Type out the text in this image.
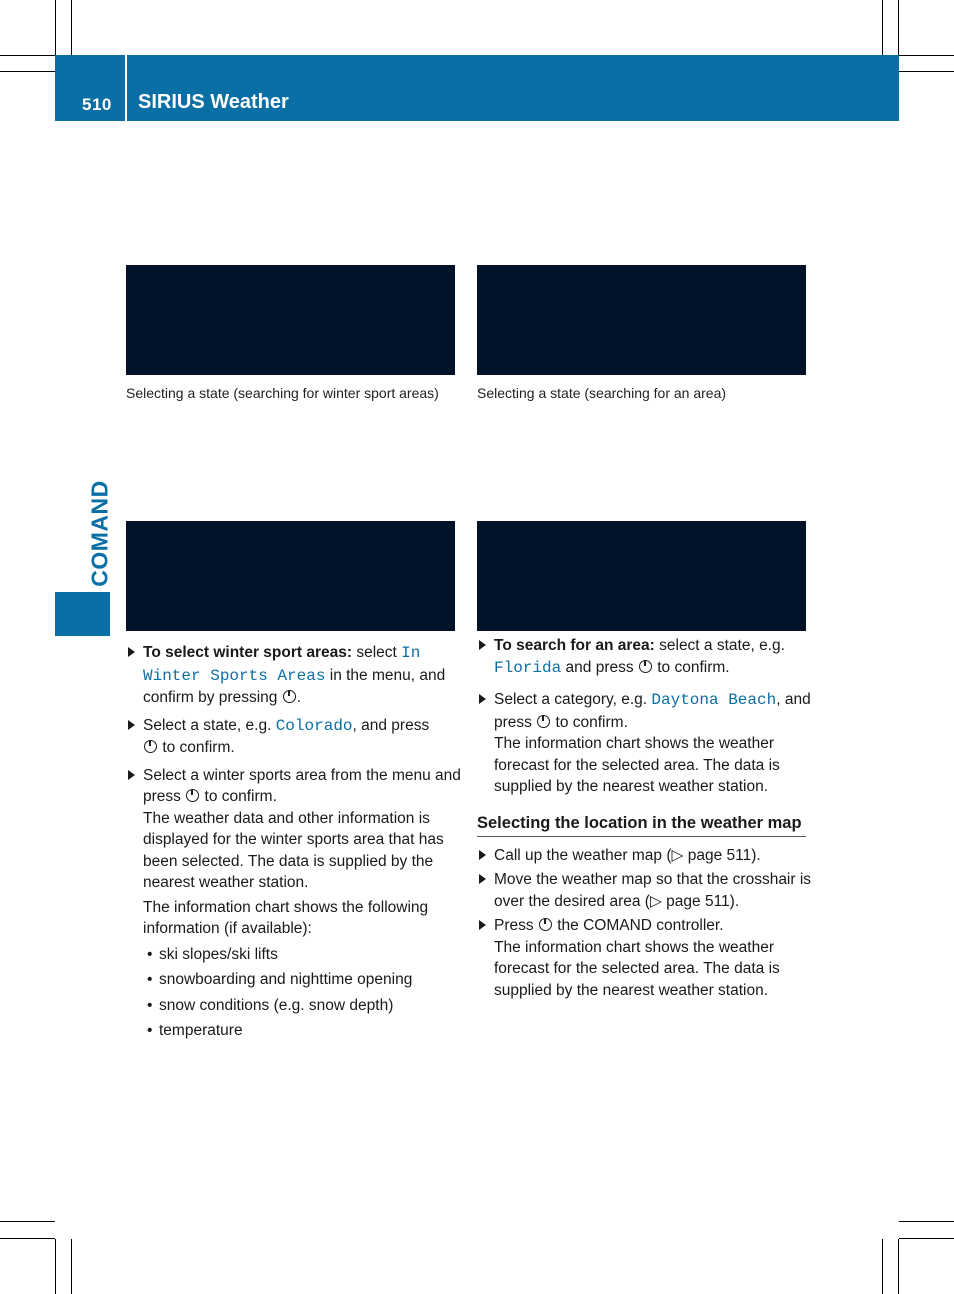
510 SIRIUS Weather
COMAND
Selecting a state (searching for winter sport areas)	Selecting a state (searching for an area)
To select winter sport areas: select In Winter Sports Areas in the menu, and confirm by pressing .
Select a state, e.g. Colorado, and press
to confirm.
Select a winter sports area from the menu and press to confirm.
The weather data and other information is displayed for the winter sports area that has been selected. The data is supplied by the nearest weather station.
The information chart shows the following information (if available):
• ski slopes/ski lifts
• snowboarding and nighttime opening
• snow conditions (e.g. snow depth)
• temperature
To search for an area: select a state, e.g. Florida and press to confirm.
Select a category, e.g. Daytona Beach, and press to confirm.
The information chart shows the weather forecast for the selected area. The data is supplied by the nearest weather station.
Selecting the location in the weather map
Call up the weather map (▷ page 511).
Move the weather map so that the crosshair is over the desired area (▷ page 511).
Press the COMAND controller.
The information chart shows the weather forecast for the selected area. The data is supplied by the nearest weather station.
